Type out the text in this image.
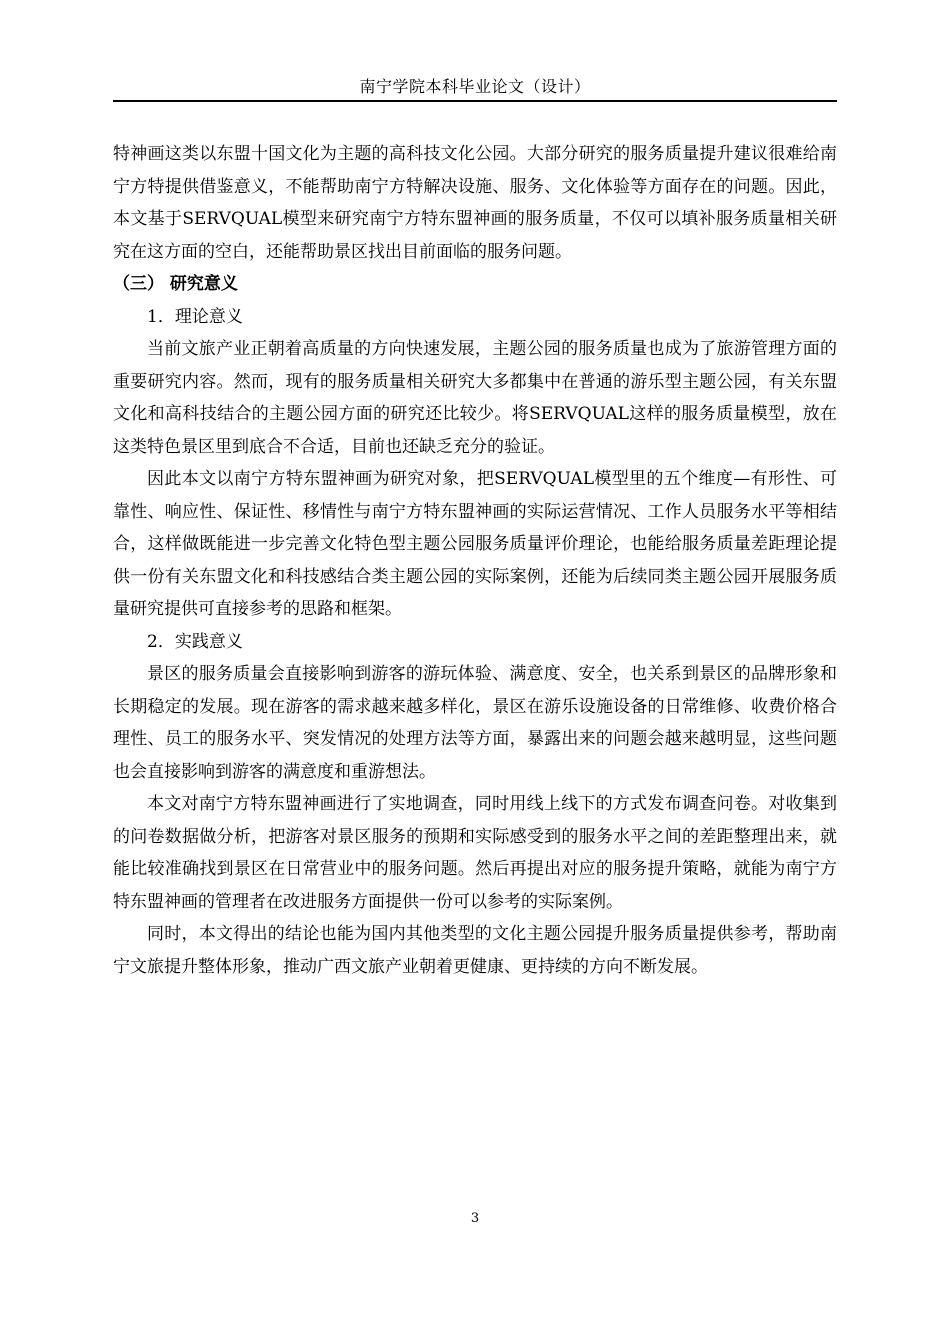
南宁学院本科毕业论文（设计）

特神画这类以东盟十国文化为主题的高科技文化公园。大部分研究的服务质量提升建议很难给南宁方特提供借鉴意义，不能帮助南宁方特解决设施、服务、文化体验等方面存在的问题。因此，本文基于SERVQUAL模型来研究南宁方特东盟神画的服务质量，不仅可以填补服务质量相关研究在这方面的空白，还能帮助景区找出目前面临的服务问题。

（三） 研究意义

1．理论意义

当前文旅产业正朝着高质量的方向快速发展，主题公园的服务质量也成为了旅游管理方面的重要研究内容。然而，现有的服务质量相关研究大多都集中在普通的游乐型主题公园，有关东盟文化和高科技结合的主题公园方面的研究还比较少。将SERVQUAL这样的服务质量模型，放在这类特色景区里到底合不合适，目前也还缺乏充分的验证。

因此本文以南宁方特东盟神画为研究对象，把SERVQUAL模型里的五个维度—有形性、可靠性、响应性、保证性、移情性与南宁方特东盟神画的实际运营情况、工作人员服务水平等相结合，这样做既能进一步完善文化特色型主题公园服务质量评价理论，也能给服务质量差距理论提供一份有关东盟文化和科技感结合类主题公园的实际案例，还能为后续同类主题公园开展服务质量研究提供可直接参考的思路和框架。

2．实践意义

景区的服务质量会直接影响到游客的游玩体验、满意度、安全，也关系到景区的品牌形象和长期稳定的发展。现在游客的需求越来越多样化，景区在游乐设施设备的日常维修、收费价格合理性、员工的服务水平、突发情况的处理方法等方面，暴露出来的问题会越来越明显，这些问题也会直接影响到游客的满意度和重游想法。

本文对南宁方特东盟神画进行了实地调查，同时用线上线下的方式发布调查问卷。对收集到的问卷数据做分析，把游客对景区服务的预期和实际感受到的服务水平之间的差距整理出来，就能比较准确找到景区在日常营业中的服务问题。然后再提出对应的服务提升策略，就能为南宁方特东盟神画的管理者在改进服务方面提供一份可以参考的实际案例。

同时，本文得出的结论也能为国内其他类型的文化主题公园提升服务质量提供参考，帮助南宁文旅提升整体形象，推动广西文旅产业朝着更健康、更持续的方向不断发展。

3
